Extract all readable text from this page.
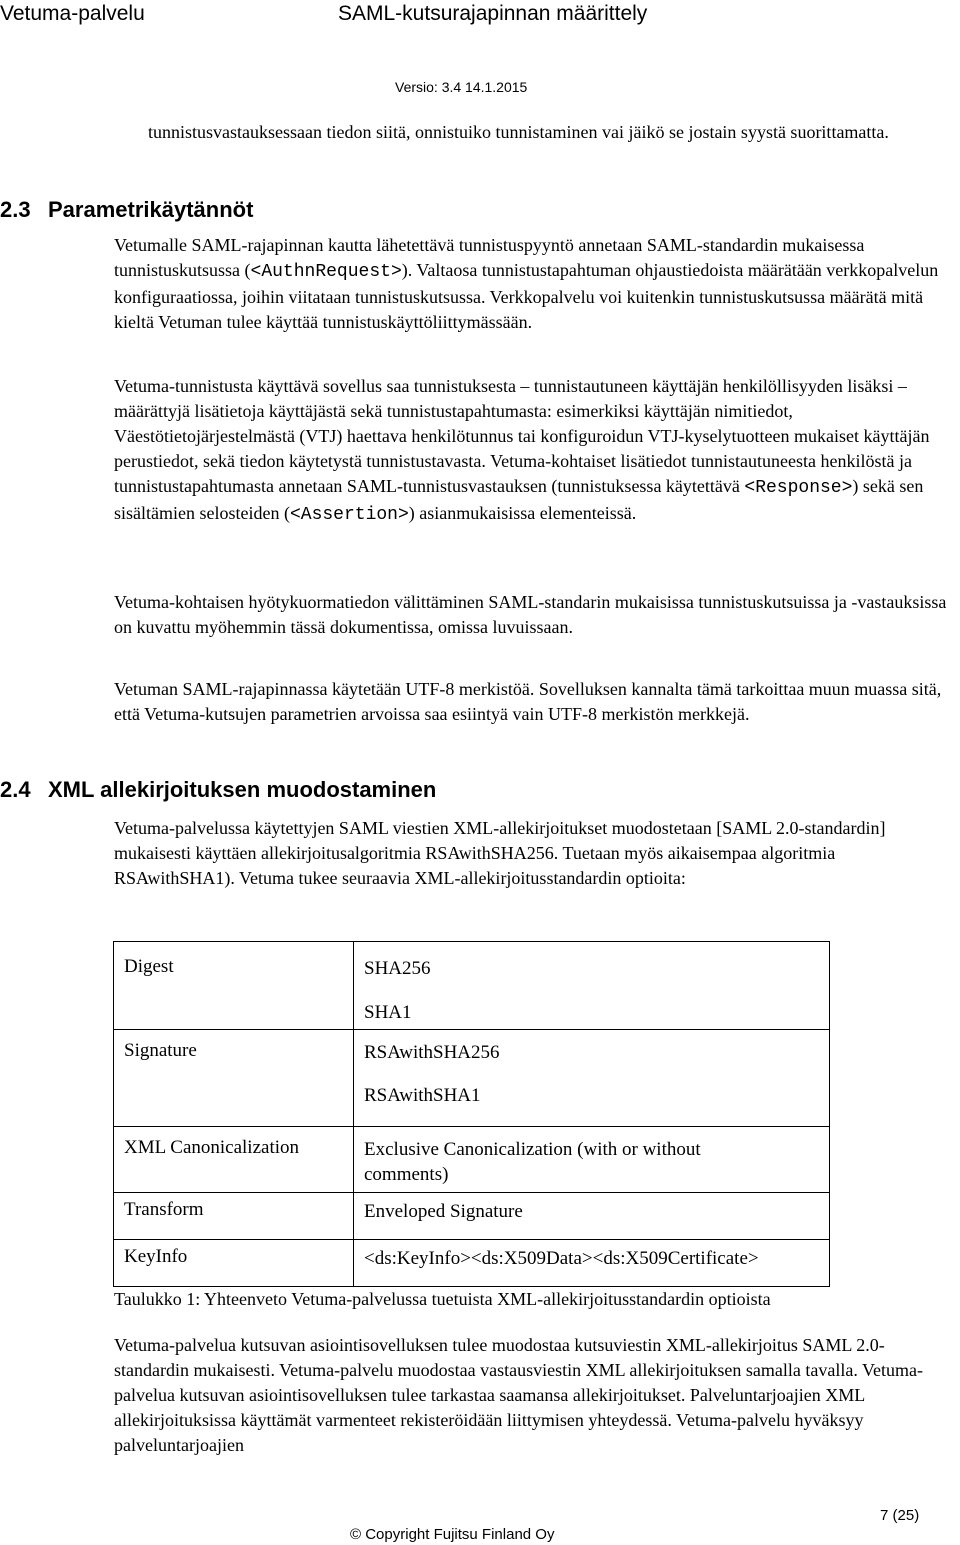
Vetuma-palvelu	SAML-kutsurajapinnan määrittely
Versio: 3.4 14.1.2015

tunnistusvastauksessaan tiedon siitä, onnistuiko tunnistaminen vai jäikö se jostain syystä suorittamatta.

2.3 Parametrikäytännöt

Vetumalle SAML-rajapinnan kautta lähetettävä tunnistuspyyntö annetaan SAML-standardin mukaisessa tunnistuskutsussa (<AuthnRequest>). Valtaosa tunnistustapahtuman ohjaustiedoista määrätään verkkopalvelun konfiguraatiossa, joihin viitataan tunnistuskutsussa. Verkkopalvelu voi kuitenkin tunnistuskutsussa määrätä mitä kieltä Vetuman tulee käyttää tunnistuskäyttöliittymässään.

Vetuma-tunnistusta käyttävä sovellus saa tunnistuksesta – tunnistautuneen käyttäjän henkilöllisyyden lisäksi – määrättyjä lisätietoja käyttäjästä sekä tunnistustapahtumasta: esimerkiksi käyttäjän nimitiedot, Väestötietojärjestelmästä (VTJ) haettava henkilötunnus tai konfiguroidun VTJ-kyselytuotteen mukaiset käyttäjän perustiedot, sekä tiedon käytetystä tunnistustavasta. Vetuma-kohtaiset lisätiedot tunnistautuneesta henkilöstä ja tunnistustapahtumasta annetaan SAML-tunnistusvastauksen (tunnistuksessa käytettävä <Response>) sekä sen sisältämien selosteiden (<Assertion>) asianmukaisissa elementeissä.

Vetuma-kohtaisen hyötykuormatiedon välittäminen SAML-standarin mukaisissa tunnistuskutsuissa ja -vastauksissa on kuvattu myöhemmin tässä dokumentissa, omissa luvuissaan.

Vetuman SAML-rajapinnassa käytetään UTF-8 merkistöä. Sovelluksen kannalta tämä tarkoittaa muun muassa sitä, että Vetuma-kutsujen parametrien arvoissa saa esiintyä vain UTF-8 merkistön merkkejä.

2.4 XML allekirjoituksen muodostaminen

Vetuma-palvelussa käytettyjen SAML viestien XML-allekirjoitukset muodostetaan [SAML 2.0-standardin] mukaisesti käyttäen allekirjoitusalgoritmia RSAwithSHA256. Tuetaan myös aikaisempaa algoritmia RSAwithSHA1). Vetuma tukee seuraavia XML-allekirjoitusstandardin optioita:

Digest	SHA256
SHA1

Signature	RSAwithSHA256
RSAwithSHA1

XML Canonicalization	Exclusive Canonicalization (with or without comments)

Transform	Enveloped Signature

KeyInfo	<ds:KeyInfo><ds:X509Data><ds:X509Certificate>

Taulukko 1: Yhteenveto Vetuma-palvelussa tuetuista XML-allekirjoitusstandardin optioista

Vetuma-palvelua kutsuvan asiointisovelluksen tulee muodostaa kutsuviestin XML-allekirjoitus SAML 2.0-standardin mukaisesti. Vetuma-palvelu muodostaa vastausviestin XML allekirjoituksen samalla tavalla. Vetuma-palvelua kutsuvan asiointisovelluksen tulee tarkastaa saamansa allekirjoitukset. Palveluntarjoajien XML allekirjoituksissa käyttämät varmenteet rekisteröidään liittymisen yhteydessä. Vetuma-palvelu hyväksyy palveluntarjoajien

7 (25)
© Copyright Fujitsu Finland Oy
